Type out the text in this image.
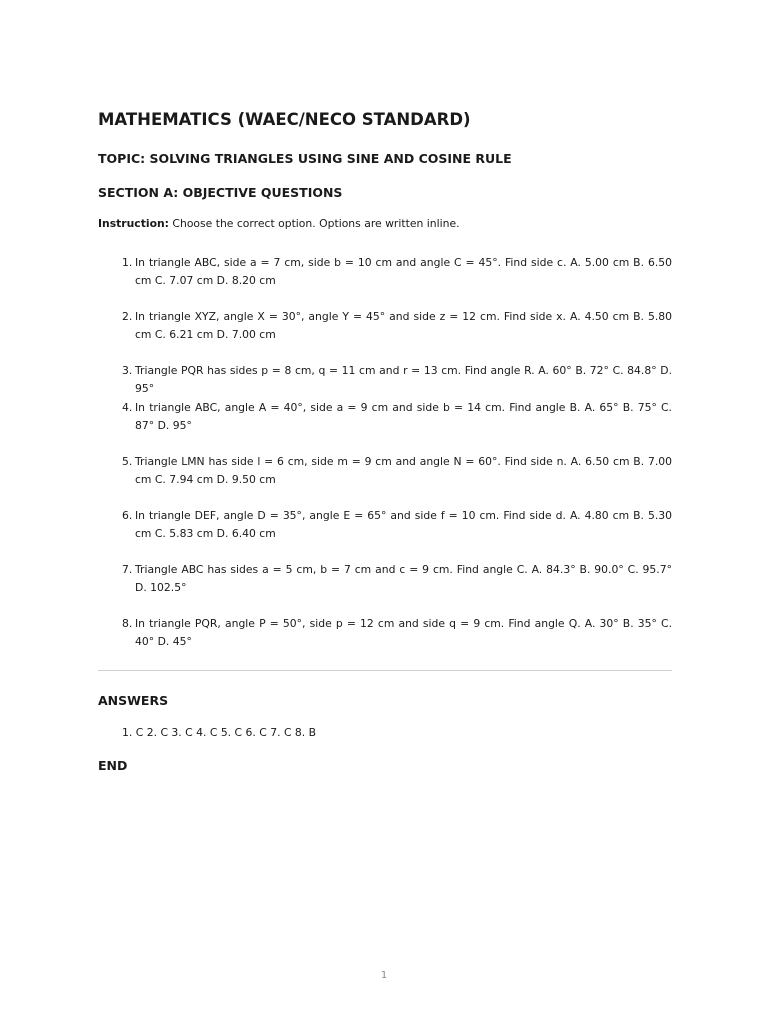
MATHEMATICS (WAEC/NECO STANDARD)
TOPIC: SOLVING TRIANGLES USING SINE AND COSINE RULE
SECTION A: OBJECTIVE QUESTIONS

Instruction: Choose the correct option. Options are written inline.

1. In triangle ABC, side a = 7 cm, side b = 10 cm and angle C = 45°. Find side c. A. 5.00 cm B. 6.50 cm C. 7.07 cm D. 8.20 cm
2. In triangle XYZ, angle X = 30°, angle Y = 45° and side z = 12 cm. Find side x. A. 4.50 cm B. 5.80 cm C. 6.21 cm D. 7.00 cm
3. Triangle PQR has sides p = 8 cm, q = 11 cm and r = 13 cm. Find angle R. A. 60° B. 72° C. 84.8° D. 95°
4. In triangle ABC, angle A = 40°, side a = 9 cm and side b = 14 cm. Find angle B. A. 65° B. 75° C. 87° D. 95°
5. Triangle LMN has side l = 6 cm, side m = 9 cm and angle N = 60°. Find side n. A. 6.50 cm B. 7.00 cm C. 7.94 cm D. 9.50 cm
6. In triangle DEF, angle D = 35°, angle E = 65° and side f = 10 cm. Find side d. A. 4.80 cm B. 5.30 cm C. 5.83 cm D. 6.40 cm
7. Triangle ABC has sides a = 5 cm, b = 7 cm and c = 9 cm. Find angle C. A. 84.3° B. 90.0° C. 95.7° D. 102.5°
8. In triangle PQR, angle P = 50°, side p = 12 cm and side q = 9 cm. Find angle Q. A. 30° B. 35° C. 40° D. 45°
ANSWERS

1. C 2. C 3. C 4. C 5. C 6. C 7. C 8. B

END
1
